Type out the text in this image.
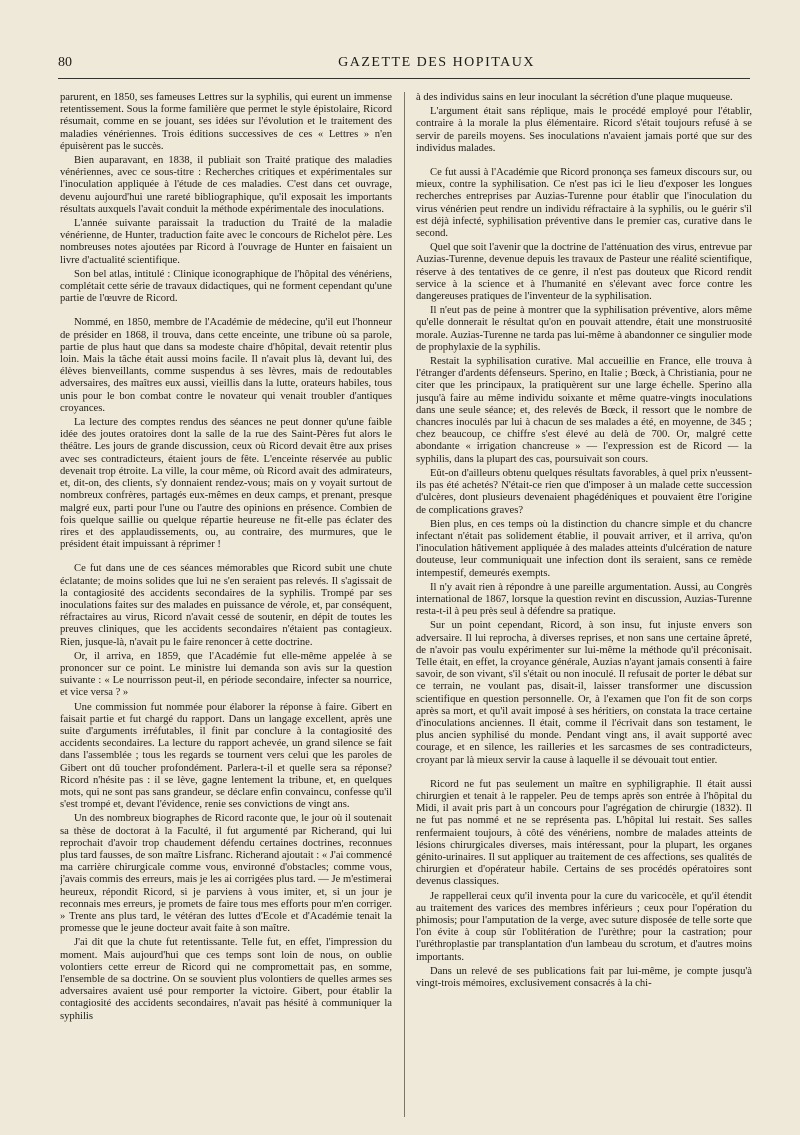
80	GAZETTE DES HOPITAUX

parurent, en 1850, ses fameuses Lettres sur la syphilis, qui eurent un immense retentissement. Sous la forme familière que permet le style épistolaire, Ricord résumait, comme en se jouant, ses idées sur l'évolution et le traitement des maladies vénériennes. Trois éditions successives de ces « Lettres » n'en épuisèrent pas le succès.

Bien auparavant, en 1838, il publiait son Traité pratique des maladies vénériennes, avec ce sous-titre : Recherches critiques et expérimentales sur l'inoculation appliquée à l'étude de ces maladies. C'est dans cet ouvrage, devenu aujourd'hui une rareté bibliographique, qu'il exposait les importants résultats auxquels l'avait conduit la méthode expérimentale des inoculations.

L'année suivante paraissait la traduction du Traité de la maladie vénérienne, de Hunter, traduction faite avec le concours de Richelot père. Les nombreuses notes ajoutées par Ricord à l'ouvrage de Hunter en faisaient un livre d'actualité scientifique.

Son bel atlas, intitulé : Clinique iconographique de l'hôpital des vénériens, complétait cette série de travaux didactiques, qui ne forment cependant qu'une partie de l'œuvre de Ricord.

Nommé, en 1850, membre de l'Académie de médecine, qu'il eut l'honneur de présider en 1868, il trouva, dans cette enceinte, une tribune où sa parole, partie de plus haut que dans sa modeste chaire d'hôpital, devait retentir plus loin. Mais la tâche était aussi moins facile. Il n'avait plus là, devant lui, des élèves bienveillants, comme suspendus à ses lèvres, mais de redoutables adversaires, des maîtres eux aussi, vieillis dans la lutte, orateurs habiles, tous unis pour le bon combat contre le novateur qui venait troubler d'antiques croyances.

La lecture des comptes rendus des séances ne peut donner qu'une faible idée des joutes oratoires dont la salle de la rue des Saint-Pères fut alors le théâtre. Les jours de grande discussion, ceux où Ricord devait être aux prises avec ses contradicteurs, étaient jours de fête. L'enceinte réservée au public devenait trop étroite. La ville, la cour même, où Ricord avait des admirateurs, et, dit-on, des clients, s'y donnaient rendez-vous; mais on y voyait surtout de nombreux confrères, partagés eux-mêmes en deux camps, et prenant, presque malgré eux, parti pour l'une ou l'autre des opinions en présence. Combien de fois quelque saillie ou quelque répartie heureuse ne fit-elle pas éclater des rires et des applaudissements, ou, au contraire, des murmures, que le président était impuissant à réprimer !

Ce fut dans une de ces séances mémorables que Ricord subit une chute éclatante; de moins solides que lui ne s'en seraient pas relevés. Il s'agissait de la contagiosité des accidents secondaires de la syphilis. Trompé par ses inoculations faites sur des malades en puissance de vérole, et, par conséquent, réfractaires au virus, Ricord n'avait cessé de soutenir, en dépit de toutes les preuves cliniques, que les accidents secondaires n'étaient pas contagieux. Rien, jusque-là, n'avait pu le faire renoncer à cette doctrine.

Or, il arriva, en 1859, que l'Académie fut elle-même appelée à se prononcer sur ce point. Le ministre lui demanda son avis sur la question suivante : « Le nourrisson peut-il, en période secondaire, infecter sa nourrice, et vice versa ? »

Une commission fut nommée pour élaborer la réponse à faire. Gibert en faisait partie et fut chargé du rapport. Dans un langage excellent, après une suite d'arguments irréfutables, il finit par conclure à la contagiosité des accidents secondaires. La lecture du rapport achevée, un grand silence se fait dans l'assemblée ; tous les regards se tournent vers celui que les paroles de Gibert ont dû toucher profondément. Parlera-t-il et quelle sera sa réponse? Ricord n'hésite pas : il se lève, gagne lentement la tribune, et, en quelques mots, qui ne sont pas sans grandeur, se déclare enfin convaincu, confesse qu'il s'est trompé et, devant l'évidence, renie ses convictions de vingt ans.

Un des nombreux biographes de Ricord raconte que, le jour où il soutenait sa thèse de doctorat à la Faculté, il fut argumenté par Richerand, qui lui reprochait d'avoir trop chaudement défendu certaines doctrines, reconnues plus tard fausses, de son maître Lisfranc. Richerand ajoutait : « J'ai commencé ma carrière chirurgicale comme vous, environné d'obstacles; comme vous, j'avais commis des erreurs, mais je les ai corrigées plus tard. — Je m'estimerai heureux, répondit Ricord, si je parviens à vous imiter, et, si un jour je reconnais mes erreurs, je promets de faire tous mes efforts pour m'en corriger. » Trente ans plus tard, le vétéran des luttes d'Ecole et d'Académie tenait la promesse que le jeune docteur avait faite à son maître.

J'ai dit que la chute fut retentissante. Telle fut, en effet, l'impression du moment. Mais aujourd'hui que ces temps sont loin de nous, on oublie volontiers cette erreur de Ricord qui ne compromettait pas, en somme, l'ensemble de sa doctrine. On se souvient plus volontiers de quelles armes ses adversaires avaient usé pour remporter la victoire. Gibert, pour établir la contagiosité des accidents secondaires, n'avait pas hésité à communiquer la syphilis

à des individus sains en leur inoculant la sécrétion d'une plaque muqueuse.

L'argument était sans réplique, mais le procédé employé pour l'établir, contraire à la morale la plus élémentaire. Ricord s'était toujours refusé à se servir de pareils moyens. Ses inoculations n'avaient jamais porté que sur des individus malades.

Ce fut aussi à l'Académie que Ricord prononça ses fameux discours sur, ou mieux, contre la syphilisation. Ce n'est pas ici le lieu d'exposer les longues recherches entreprises par Auzias-Turenne pour établir que l'inoculation du virus vénérien peut rendre un individu réfractaire à la syphilis, ou le guérir s'il est déjà infecté, syphilisation préventive dans le premier cas, curative dans le second.

Quel que soit l'avenir que la doctrine de l'atténuation des virus, entrevue par Auzias-Turenne, devenue depuis les travaux de Pasteur une réalité scientifique, réserve à des tentatives de ce genre, il n'est pas douteux que Ricord rendit service à la science et à l'humanité en s'élevant avec force contre les dangereuses pratiques de l'inventeur de la syphilisation.

Il n'eut pas de peine à montrer que la syphilisation préventive, alors même qu'elle donnerait le résultat qu'on en pouvait attendre, était une monstruosité morale. Auzias-Turenne ne tarda pas lui-même à abandonner ce singulier mode de prophylaxie de la syphilis.

Restait la syphilisation curative. Mal accueillie en France, elle trouva à l'étranger d'ardents défenseurs. Sperino, en Italie ; Bœck, à Christiania, pour ne citer que les principaux, la pratiquèrent sur une large échelle. Sperino alla jusqu'à faire au même individu soixante et même quatre-vingts inoculations dans une seule séance; et, des relevés de Bœck, il ressort que le nombre de chancres inoculés par lui à chacun de ses malades a été, en moyenne, de 345 ; chez beaucoup, ce chiffre s'est élevé au delà de 700. Or, malgré cette abondante « irrigation chancreuse » — l'expression est de Ricord — la syphilis, dans la plupart des cas, poursuivait son cours.

Eût-on d'ailleurs obtenu quelques résultats favorables, à quel prix n'eussent-ils pas été achetés? N'était-ce rien que d'imposer à un malade cette succession d'ulcères, dont plusieurs devenaient phagédéniques et pouvaient être l'origine de complications graves?

Bien plus, en ces temps où la distinction du chancre simple et du chancre infectant n'était pas solidement établie, il pouvait arriver, et il arriva, qu'on l'inoculation hâtivement appliquée à des malades atteints d'ulcération de nature douteuse, leur communiquait une infection dont ils seraient, sans ce remède intempestif, demeurés exempts.

Il n'y avait rien à répondre à une pareille argumentation. Aussi, au Congrès international de 1867, lorsque la question revint en discussion, Auzias-Turenne resta-t-il à peu près seul à défendre sa pratique.

Sur un point cependant, Ricord, à son insu, fut injuste envers son adversaire. Il lui reprocha, à diverses reprises, et non sans une certaine âpreté, de n'avoir pas voulu expérimenter sur lui-même la méthode qu'il préconisait. Telle était, en effet, la croyance générale, Auzias n'ayant jamais consenti à faire savoir, de son vivant, s'il s'était ou non inoculé. Il refusait de porter le débat sur ce terrain, ne voulant pas, disait-il, laisser transformer une discussion scientifique en question personnelle. Or, à l'examen que l'on fit de son corps après sa mort, et qu'il avait imposé à ses héritiers, on constata la trace certaine d'inoculations anciennes. Il était, comme il l'écrivait dans son testament, le plus ancien syphilisé du monde. Pendant vingt ans, il avait supporté avec courage, et en silence, les railleries et les sarcasmes de ses contradicteurs, croyant par là mieux servir la cause à laquelle il se dévouait tout entier.

Ricord ne fut pas seulement un maître en syphiligraphie. Il était aussi chirurgien et tenait à le rappeler. Peu de temps après son entrée à l'hôpital du Midi, il avait pris part à un concours pour l'agrégation de chirurgie (1832). Il ne fut pas nommé et ne se représenta pas. L'hôpital lui restait. Ses salles renfermaient toujours, à côté des vénériens, nombre de malades atteints de lésions chirurgicales diverses, mais intéressant, pour la plupart, les organes génito-urinaires. Il sut appliquer au traitement de ces affections, ses qualités de chirurgien et d'opérateur habile. Certains de ses procédés opératoires sont devenus classiques.

Je rappellerai ceux qu'il inventa pour la cure du varicocèle, et qu'il étendit au traitement des varices des membres inférieurs ; ceux pour l'opération du phimosis; pour l'amputation de la verge, avec suture disposée de telle sorte que l'on évite à coup sûr l'oblitération de l'urèthre; pour la castration; pour l'uréthroplastie par transplantation d'un lambeau du scrotum, et d'autres moins importants.

Dans un relevé de ses publications fait par lui-même, je compte jusqu'à vingt-trois mémoires, exclusivement consacrés à la chi-
